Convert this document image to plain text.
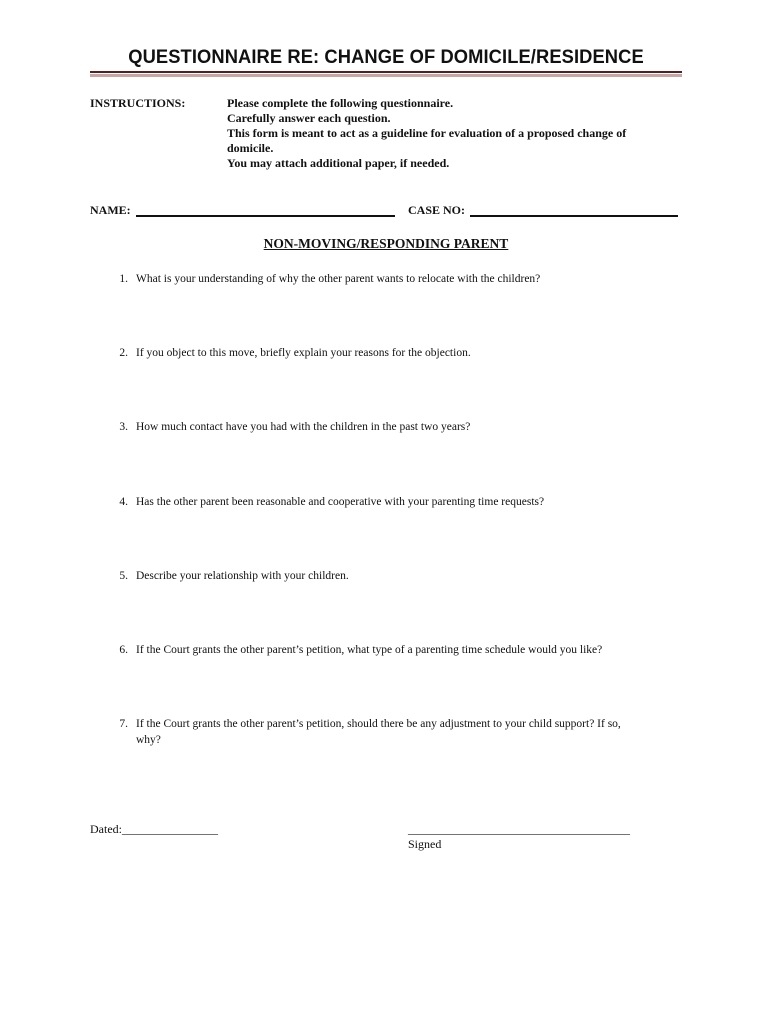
QUESTIONNAIRE RE: CHANGE OF DOMICILE/RESIDENCE
INSTRUCTIONS:	Please complete the following questionnaire.
Carefully answer each question.
This form is meant to act as a guideline for evaluation of a proposed change of
domicile.
You may attach additional paper, if needed.
NAME:	CASE NO:
NON-MOVING/RESPONDING PARENT
1. What is your understanding of why the other parent wants to relocate with the children?
2. If you object to this move, briefly explain your reasons for the objection.
3. How much contact have you had with the children in the past two years?
4. Has the other parent been reasonable and cooperative with your parenting time requests?
5. Describe your relationship with your children.
6. If the Court grants the other parent’s petition, what type of a parenting time schedule would you like?
7. If the Court grants the other parent’s petition, should there be any adjustment to your child support? If so,
why?
Dated:________________	_____________________________________
Signed
